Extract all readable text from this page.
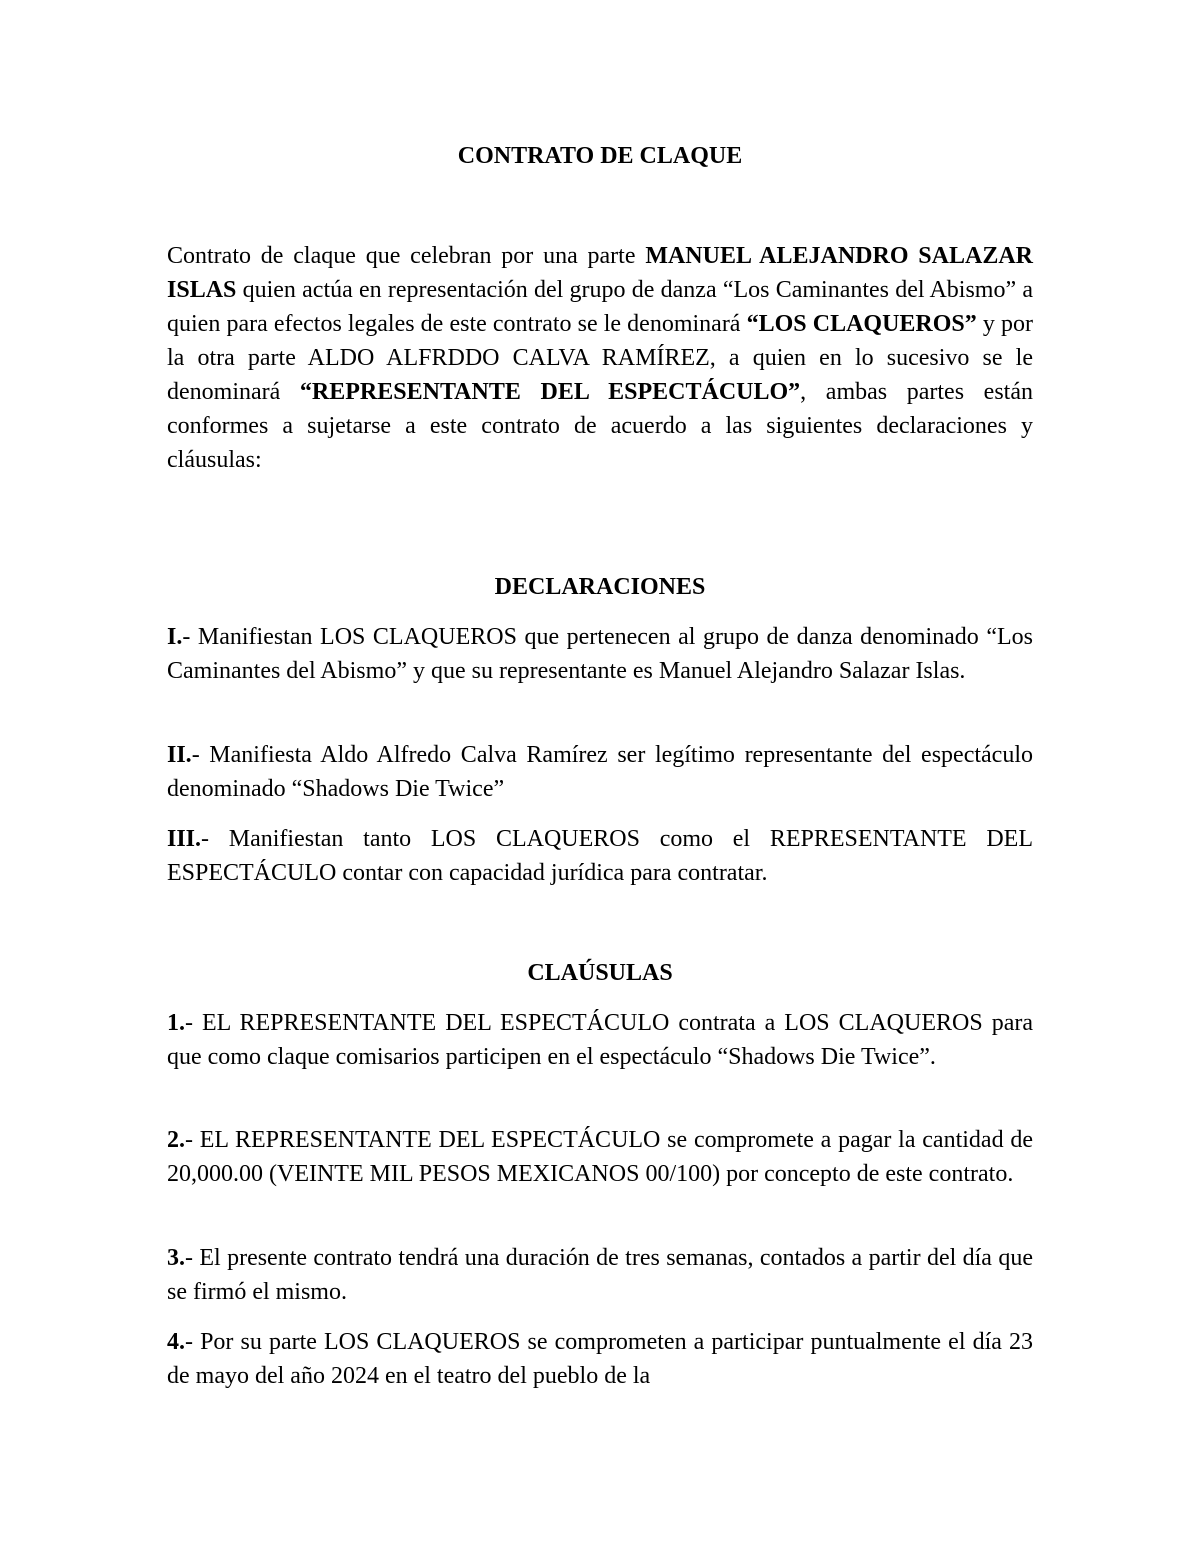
CONTRATO DE CLAQUE

Contrato de claque que celebran por una parte MANUEL ALEJANDRO SALAZAR ISLAS quien actúa en representación del grupo de danza “Los Caminantes del Abismo” a quien para efectos legales de este contrato se le denominará “LOS CLAQUEROS” y por la otra parte ALDO ALFRDDO CALVA RAMÍREZ, a quien en lo sucesivo se le denominará “REPRESENTANTE DEL ESPECTÁCULO”, ambas partes están conformes a sujetarse a este contrato de acuerdo a las siguientes declaraciones y cláusulas:

DECLARACIONES

I.- Manifiestan LOS CLAQUEROS que pertenecen al grupo de danza denominado “Los Caminantes del Abismo” y que su representante es Manuel Alejandro Salazar Islas.

II.- Manifiesta Aldo Alfredo Calva Ramírez ser legítimo representante del espectáculo denominado “Shadows Die Twice”

III.- Manifiestan tanto LOS CLAQUEROS como el REPRESENTANTE DEL ESPECTÁCULO contar con capacidad jurídica para contratar.

CLAÚSULAS

1.- EL REPRESENTANTE DEL ESPECTÁCULO contrata a LOS CLAQUEROS para que como claque comisarios participen en el espectáculo “Shadows Die Twice”.

2.- EL REPRESENTANTE DEL ESPECTÁCULO se compromete a pagar la cantidad de 20,000.00 (VEINTE MIL PESOS MEXICANOS 00/100) por concepto de este contrato.

3.- El presente contrato tendrá una duración de tres semanas, contados a partir del día que se firmó el mismo.

4.- Por su parte LOS CLAQUEROS se comprometen a participar puntualmente el día 23 de mayo del año 2024 en el teatro del pueblo de la
